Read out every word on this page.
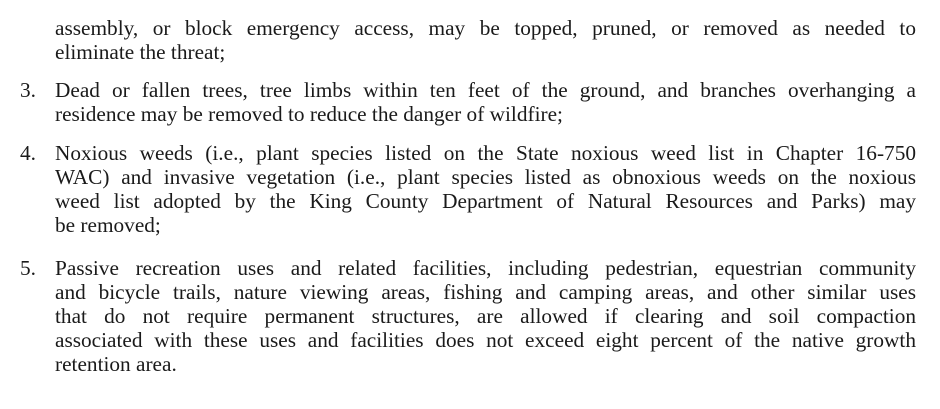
assembly, or block emergency access, may be topped, pruned, or removed as needed to
eliminate the threat;
3. Dead or fallen trees, tree limbs within ten feet of the ground, and branches overhanging a
residence may be removed to reduce the danger of wildfire;
4. Noxious weeds (i.e., plant species listed on the State noxious weed list in Chapter 16-750
WAC) and invasive vegetation (i.e., plant species listed as obnoxious weeds on the noxious
weed list adopted by the King County Department of Natural Resources and Parks) may
be removed;
5. Passive recreation uses and related facilities, including pedestrian, equestrian community
and bicycle trails, nature viewing areas, fishing and camping areas, and other similar uses
that do not require permanent structures, are allowed if clearing and soil compaction
associated with these uses and facilities does not exceed eight percent of the native growth
retention area.
